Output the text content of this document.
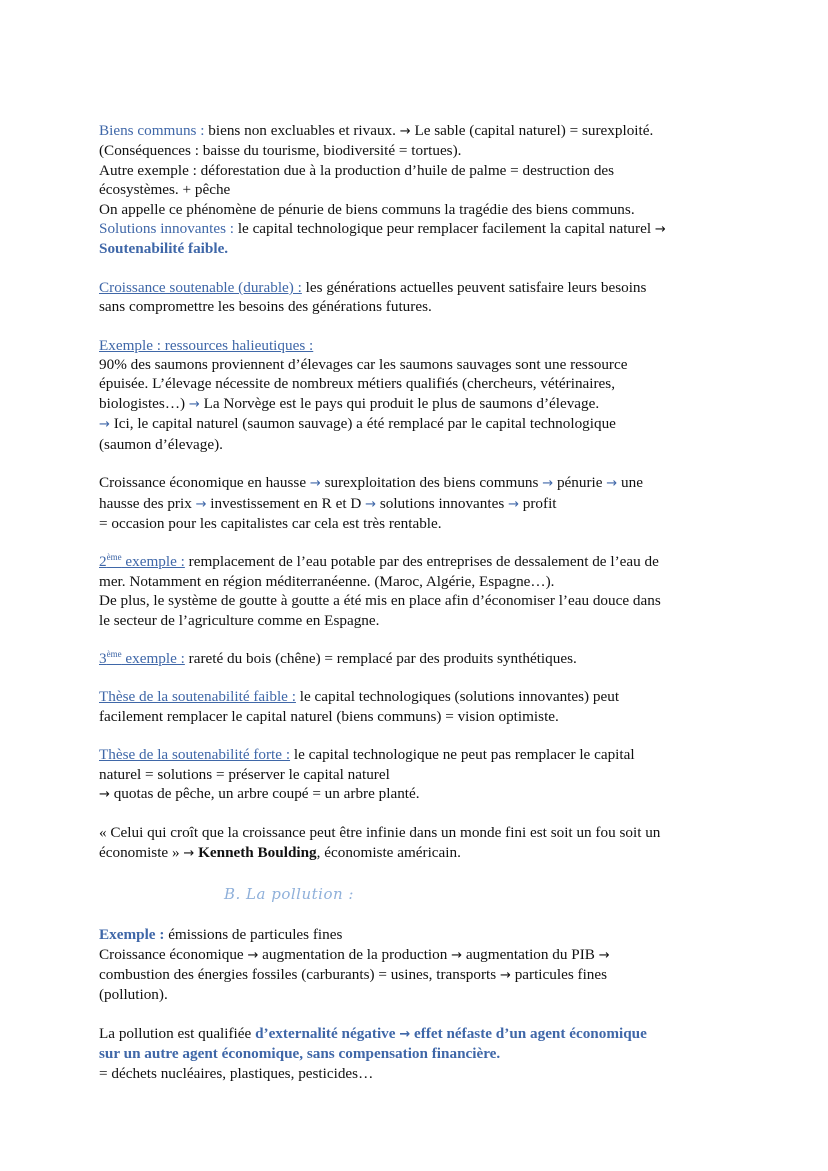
Biens communs : biens non excluables et rivaux. → Le sable (capital naturel) = surexploité.

(Conséquences : baisse du tourisme, biodiversité = tortues).

Autre exemple : déforestation due à la production d’huile de palme = destruction des

écosystèmes. + pêche

On appelle ce phénomène de pénurie de biens communs la tragédie des biens communs.

Solutions innovantes : le capital technologique peur remplacer facilement la capital naturel →

Soutenabilité faible.

Croissance soutenable (durable) : les générations actuelles peuvent satisfaire leurs besoins

sans compromettre les besoins des générations futures.

Exemple : ressources halieutiques :

90% des saumons proviennent d’élevages car les saumons sauvages sont une ressource

épuisée. L’élevage nécessite de nombreux métiers qualifiés (chercheurs, vétérinaires,

biologistes…) → La Norvège est le pays qui produit le plus de saumons d’élevage.

→ Ici, le capital naturel (saumon sauvage) a été remplacé par le capital technologique

(saumon d’élevage).

Croissance économique en hausse → surexploitation des biens communs → pénurie → une

hausse des prix → investissement en R et D → solutions innovantes → profit

= occasion pour les capitalistes car cela est très rentable.

2ème exemple : remplacement de l’eau potable par des entreprises de dessalement de l’eau de

mer. Notamment en région méditerranéenne. (Maroc, Algérie, Espagne…).

De plus, le système de goutte à goutte a été mis en place afin d’économiser l’eau douce dans

le secteur de l’agriculture comme en Espagne.

3ème exemple : rareté du bois (chêne) = remplacé par des produits synthétiques.

Thèse de la soutenabilité faible : le capital technologiques (solutions innovantes) peut

facilement remplacer le capital naturel (biens communs) = vision optimiste.

Thèse de la soutenabilité forte : le capital technologique ne peut pas remplacer le capital

naturel = solutions = préserver le capital naturel

→ quotas de pêche, un arbre coupé = un arbre planté.

« Celui qui croît que la croissance peut être infinie dans un monde fini est soit un fou soit un

économiste » → Kenneth Boulding, économiste américain.

B. La pollution :

Exemple : émissions de particules fines

Croissance économique → augmentation de la production → augmentation du PIB →

combustion des énergies fossiles (carburants) = usines, transports → particules fines

(pollution).

La pollution est qualifiée d’externalité négative → effet néfaste d’un agent économique

sur un autre agent économique, sans compensation financière.

= déchets nucléaires, plastiques, pesticides…
